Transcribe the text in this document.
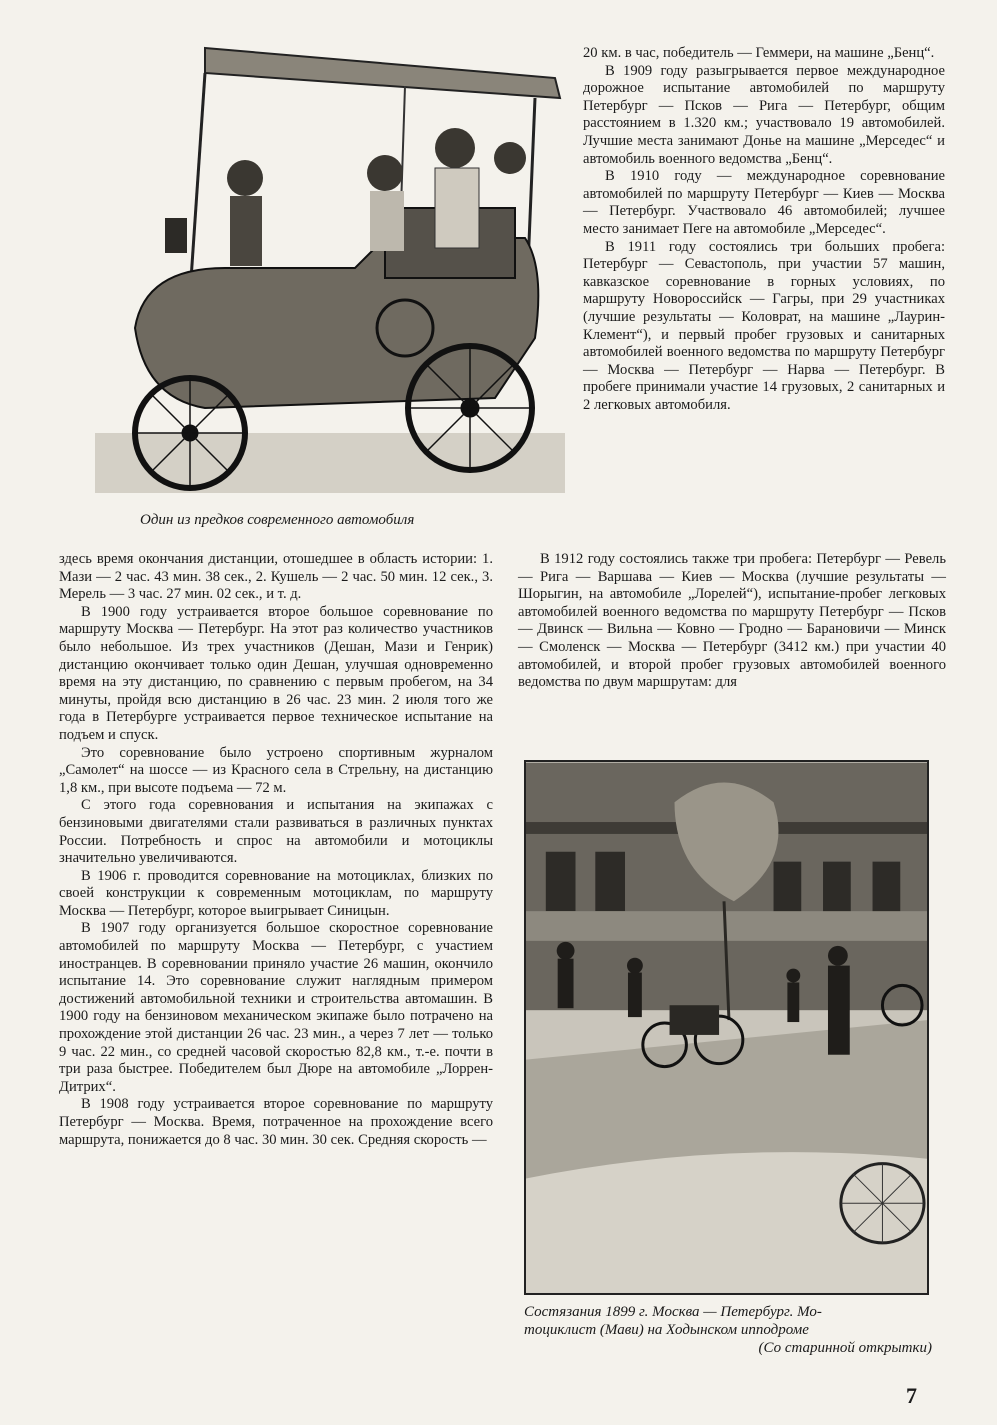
Один из предков современного автомобиля

20 км. в час, победитель — Геммери, на машине „Бенц“.

В 1909 году разыгрывается первое международное дорожное испытание автомобилей по маршруту Петербург — Псков — Рига — Петербург, общим расстоянием в 1.320 км.; участвовало 19 автомобилей. Лучшие места занимают Донье на машине „Мерседес“ и автомобиль военного ведомства „Бенц“.

В 1910 году — международное соревнование автомобилей по маршруту Петербург — Киев — Москва — Петербург. Участвовало 46 автомобилей; лучшее место занимает Пеге на автомобиле „Мерседес“.

В 1911 году состоялись три больших пробега: Петербург — Севастополь, при участии 57 машин, кавказское соревнование в горных условиях, по маршруту Новороссийск — Гагры, при 29 участниках (лучшие результаты — Коловрат, на машине „Лаурин-Клемент“), и первый пробег грузовых и санитарных автомобилей военного ведомства по маршруту Петербург — Москва — Петербург — Нарва — Петербург. В пробеге принимали участие 14 грузовых, 2 санитарных и 2 легковых автомобиля.

здесь время окончания дистанции, отошедшее в область истории: 1. Мази — 2 час. 43 мин. 38 сек., 2. Кушель — 2 час. 50 мин. 12 сек., 3. Мерель — 3 час. 27 мин. 02 сек., и т. д.

В 1900 году устраивается второе большое соревнование по маршруту Москва — Петербург. На этот раз количество участников было небольшое. Из трех участников (Дешан, Мази и Генрик) дистанцию окончивает только один Дешан, улучшая одновременно время на эту дистанцию, по сравнению с первым пробегом, на 34 минуты, пройдя всю дистанцию в 26 час. 23 мин. 2 июля того же года в Петербурге устраивается первое техническое испытание на подъем и спуск.

Это соревнование было устроено спортивным журналом „Самолет“ на шоссе — из Красного села в Стрельну, на дистанцию 1,8 км., при высоте подъема — 72 м.

С этого года соревнования и испытания на экипажах с бензиновыми двигателями стали развиваться в различных пунктах России. Потребность и спрос на автомобили и мотоциклы значительно увеличиваются.

В 1906 г. проводится соревнование на мотоциклах, близких по своей конструкции к современным мотоциклам, по маршруту Москва — Петербург, которое выигрывает Синицын.

В 1907 году организуется большое скоростное соревнование автомобилей по маршруту Москва — Петербург, с участием иностранцев. В соревновании приняло участие 26 машин, окончило испытание 14. Это соревнование служит наглядным примером достижений автомобильной техники и строительства автомашин. В 1900 году на бензиновом механическом экипаже было потрачено на прохождение этой дистанции 26 час. 23 мин., а через 7 лет — только 9 час. 22 мин., со средней часовой скоростью 82,8 км., т.-е. почти в три раза быстрее. Победителем был Дюре на автомобиле „Лоррен-Дитрих“.

В 1908 году устраивается второе соревнование по маршруту Петербург — Москва. Время, потраченное на прохождение всего маршрута, понижается до 8 час. 30 мин. 30 сек. Средняя скорость —

В 1912 году состоялись также три пробега: Петербург — Ревель — Рига — Варшава — Киев — Москва (лучшие результаты — Шорыгин, на автомобиле „Лорелей“), испытание-пробег легковых автомобилей военного ведомства по маршруту Петербург — Псков — Двинск — Вильна — Ковно — Гродно — Барановичи — Минск — Смоленск — Москва — Петербург (3412 км.) при участии 40 автомобилей, и второй пробег грузовых автомобилей военного ведомства по двум маршрутам: для

Состязания 1899 г. Москва — Петербург. Мо-
тоциклист (Мави) на Ходынском ипподроме
(Со старинной открытки)
7
